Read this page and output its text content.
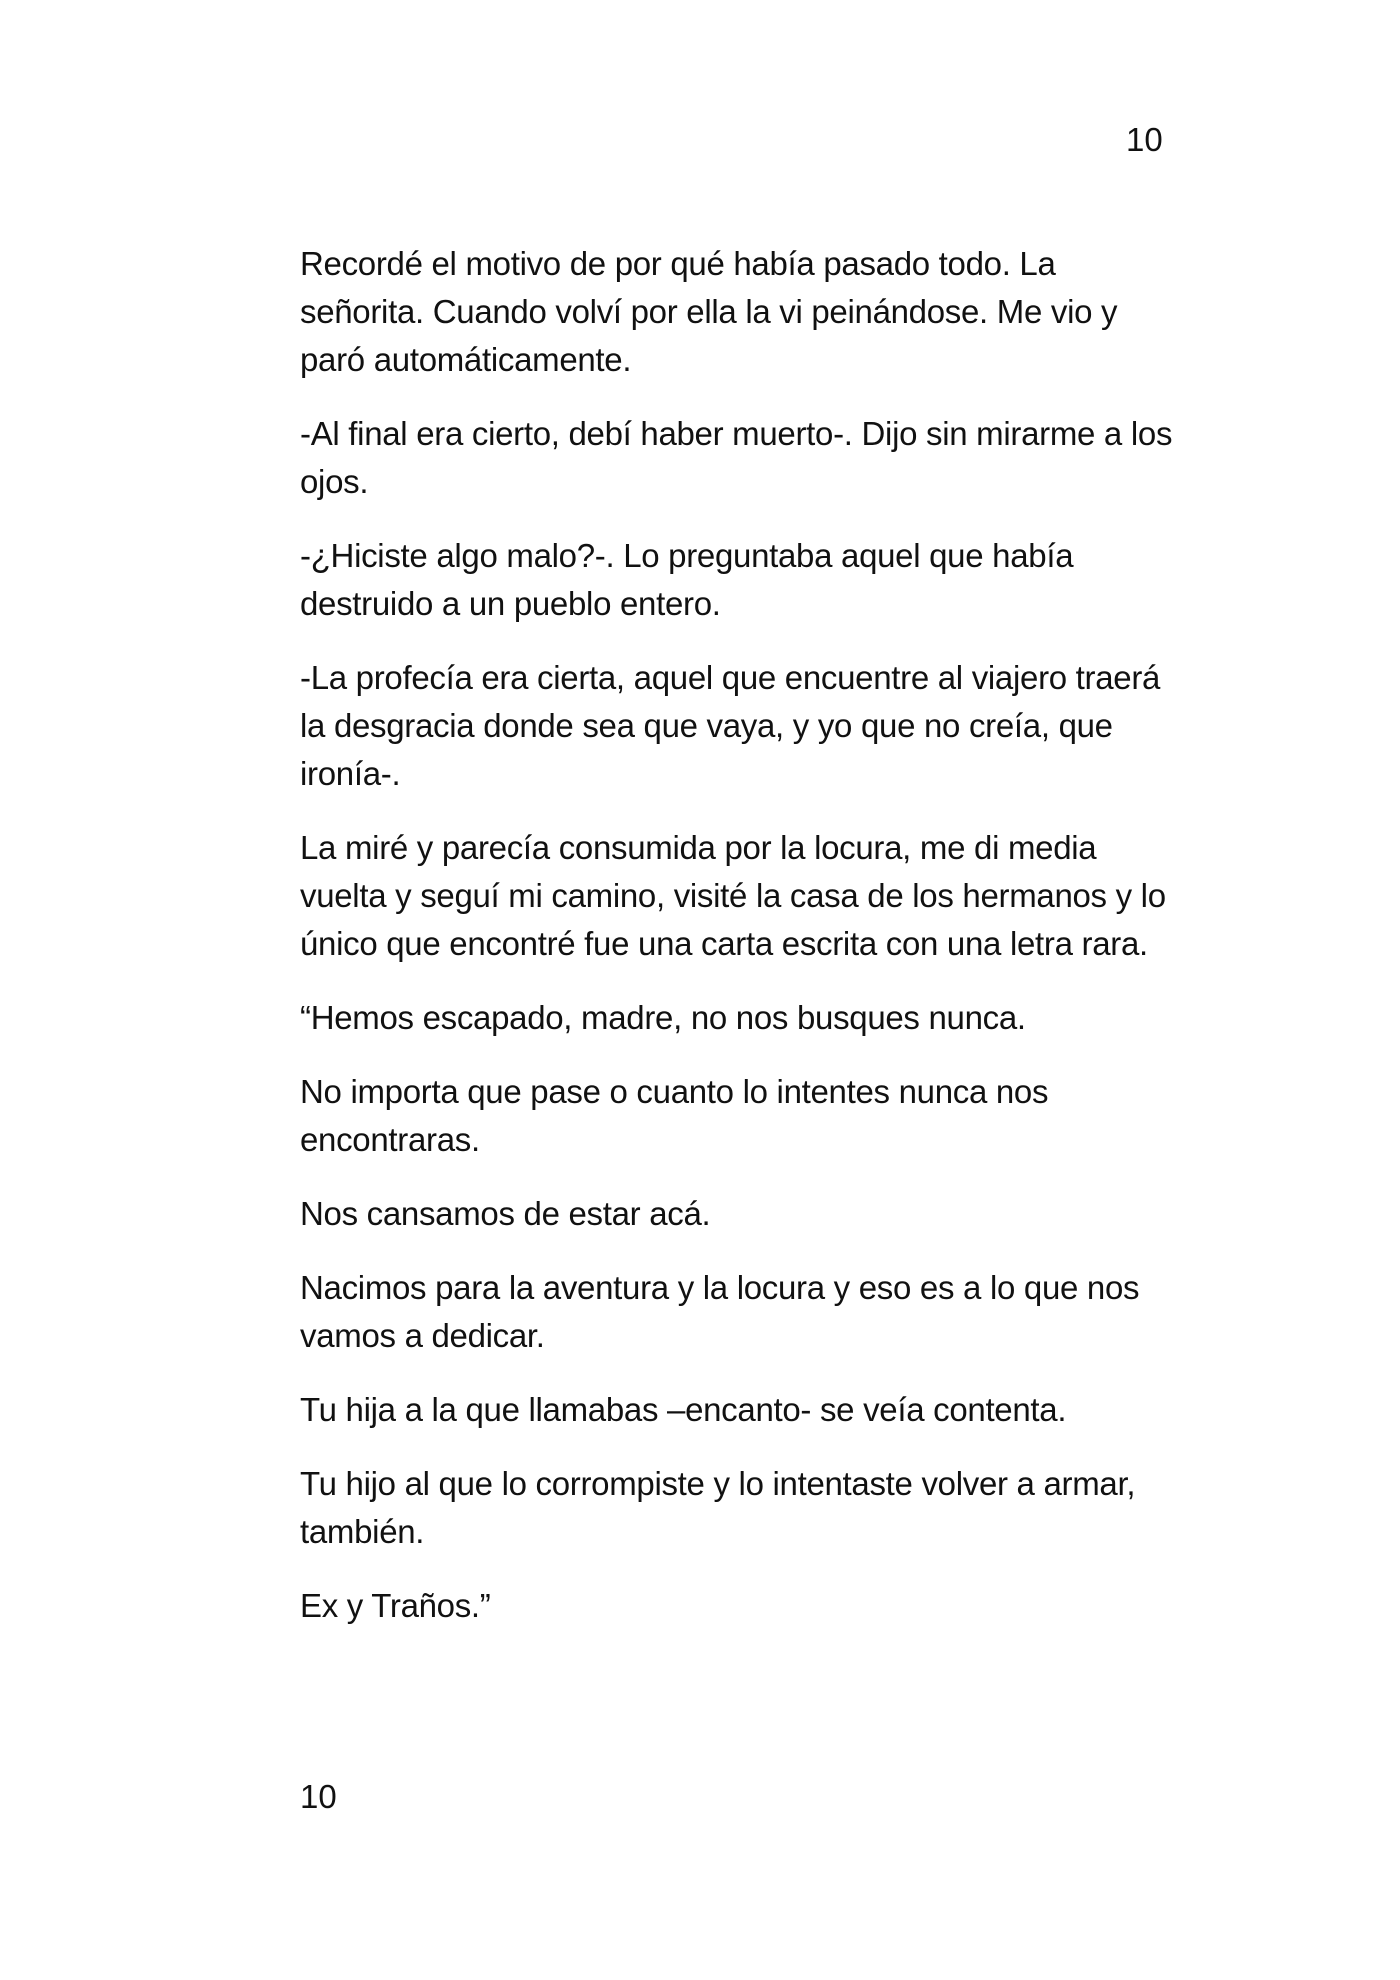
10

Recordé el motivo de por qué había pasado todo. La señorita. Cuando volví por ella la vi peinándose. Me vio y paró automáticamente.

-Al final era cierto, debí haber muerto-. Dijo sin mirarme a los ojos.

-¿Hiciste algo malo?-. Lo preguntaba aquel que había destruido a un pueblo entero.

-La profecía era cierta, aquel que encuentre al viajero traerá la desgracia donde sea que vaya, y yo que no creía, que ironía-.

La miré y parecía consumida por la locura, me di media vuelta y seguí mi camino, visité la casa de los hermanos y lo único que encontré fue una carta escrita con una letra rara.

“Hemos escapado, madre, no nos busques nunca.

No importa que pase o cuanto lo intentes nunca nos encontraras.

Nos cansamos de estar acá.

Nacimos para la aventura y la locura y eso es a lo que nos vamos a dedicar.

Tu hija a la que llamabas –encanto- se veía contenta.

Tu hijo al que lo corrompiste y lo intentaste volver a armar, también.

Ex y Traños.”

10
